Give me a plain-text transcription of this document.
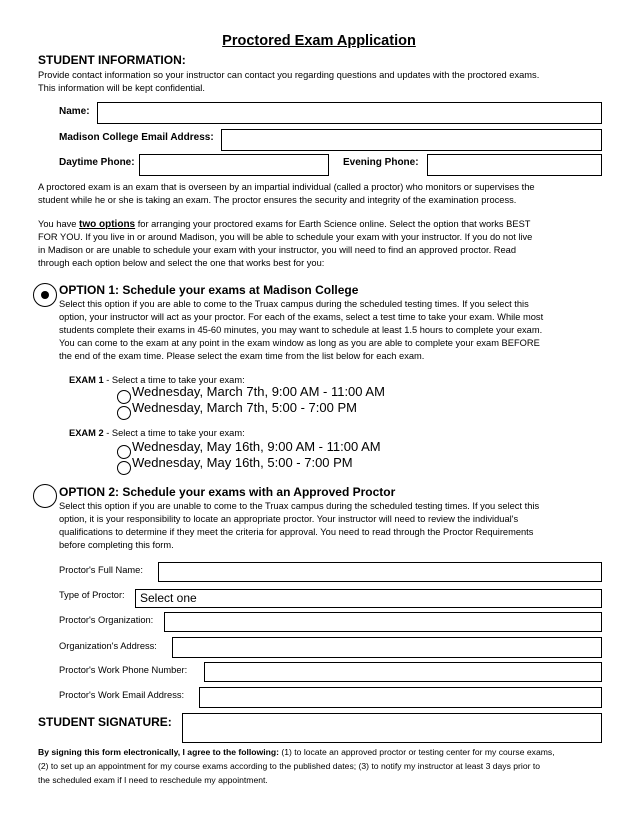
Proctored Exam Application
STUDENT INFORMATION:
Provide contact information so your instructor can contact you regarding questions and updates with the proctored exams.
This information will be kept confidential.
Name:
Madison College Email Address:
Daytime Phone:	Evening Phone:
A proctored exam is an exam that is overseen by an impartial individual (called a proctor) who monitors or supervises the
student while he or she is taking an exam. The proctor ensures the security and integrity of the examination process.
You have two options for arranging your proctored exams for Earth Science online. Select the option that works BEST
FOR YOU. If you live in or around Madison, you will be able to schedule your exam with your instructor. If you do not live
in Madison or are unable to schedule your exam with your instructor, you will need to find an approved proctor. Read
through each option below and select the one that works best for you:
OPTION 1: Schedule your exams at Madison College
Select this option if you are able to come to the Truax campus during the scheduled testing times. If you select this
option, your instructor will act as your proctor. For each of the exams, select a test time to take your exam. While most
students complete their exams in 45-60 minutes, you may want to schedule at least 1.5 hours to complete your exam.
You can come to the exam at any point in the exam window as long as you are able to complete your exam BEFORE
the end of the exam time. Please select the exam time from the list below for each exam.
EXAM 1 - Select a time to take your exam:
Wednesday, March 7th, 9:00 AM - 11:00 AM
Wednesday, March 7th, 5:00 - 7:00 PM
EXAM 2 - Select a time to take your exam:
Wednesday, May 16th, 9:00 AM - 11:00 AM
Wednesday, May 16th, 5:00 - 7:00 PM
OPTION 2: Schedule your exams with an Approved Proctor
Select this option if you are unable to come to the Truax campus during the scheduled testing times. If you select this
option, it is your responsibility to locate an appropriate proctor. Your instructor will need to review the individual's
qualifications to determine if they meet the criteria for approval. You need to read through the Proctor Requirements
before completing this form.
Proctor's Full Name:
Type of Proctor:	Select one
Proctor's Organization:
Organization's Address:
Proctor's Work Phone Number:
Proctor's Work Email Address:
STUDENT SIGNATURE:
By signing this form electronically, I agree to the following: (1) to locate an approved proctor or testing center for my course exams,
(2) to set up an appointment for my course exams according to the published dates; (3) to notify my instructor at least 3 days prior to
the scheduled exam if I need to reschedule my appointment.
